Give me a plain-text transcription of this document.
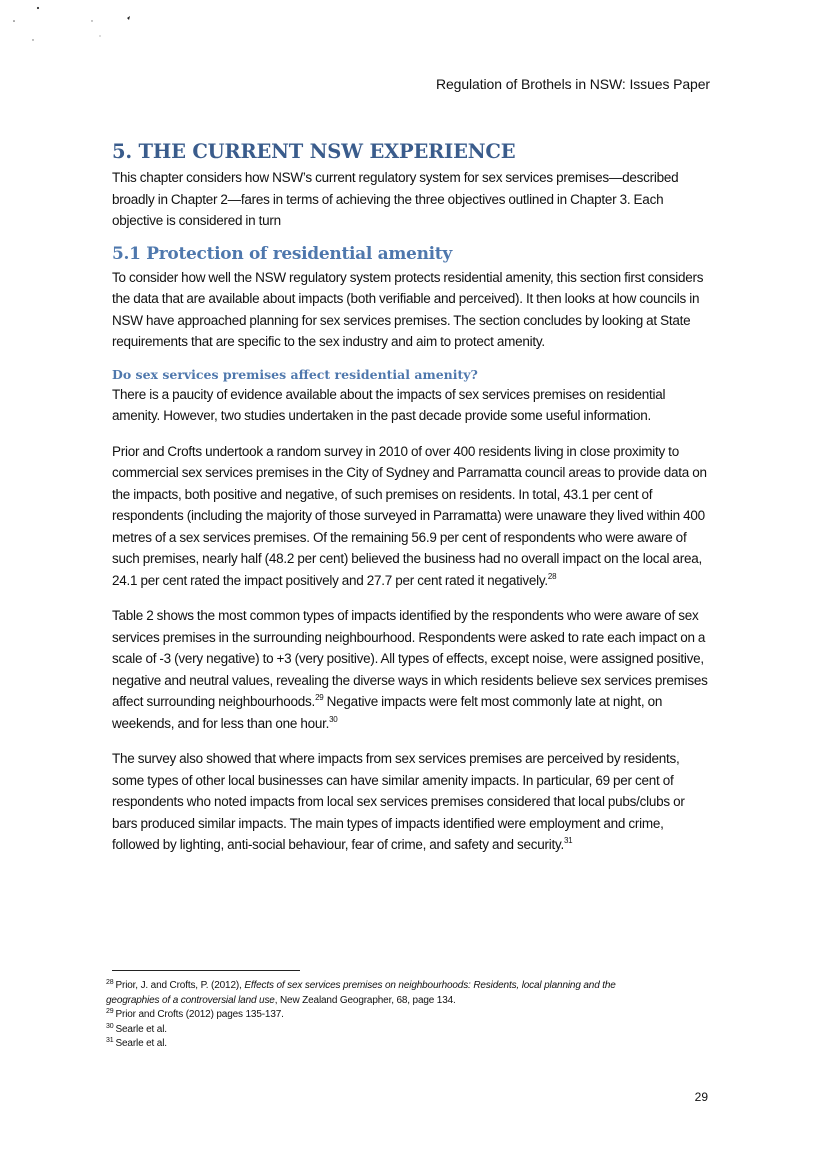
Regulation of Brothels in NSW: Issues Paper
5. THE CURRENT NSW EXPERIENCE

This chapter considers how NSW’s current regulatory system for sex services premises—described broadly in Chapter 2—fares in terms of achieving the three objectives outlined in Chapter 3. Each objective is considered in turn

5.1 Protection of residential amenity

To consider how well the NSW regulatory system protects residential amenity, this section first considers the data that are available about impacts (both verifiable and perceived). It then looks at how councils in NSW have approached planning for sex services premises. The section concludes by looking at State requirements that are specific to the sex industry and aim to protect amenity.

Do sex services premises affect residential amenity?

There is a paucity of evidence available about the impacts of sex services premises on residential amenity. However, two studies undertaken in the past decade provide some useful information.

Prior and Crofts undertook a random survey in 2010 of over 400 residents living in close proximity to commercial sex services premises in the City of Sydney and Parramatta council areas to provide data on the impacts, both positive and negative, of such premises on residents. In total, 43.1 per cent of respondents (including the majority of those surveyed in Parramatta) were unaware they lived within 400 metres of a sex services premises. Of the remaining 56.9 per cent of respondents who were aware of such premises, nearly half (48.2 per cent) believed the business had no overall impact on the local area, 24.1 per cent rated the impact positively and 27.7 per cent rated it negatively.$^{28}$

Table 2 shows the most common types of impacts identified by the respondents who were aware of sex services premises in the surrounding neighbourhood. Respondents were asked to rate each impact on a scale of -3 (very negative) to +3 (very positive). All types of effects, except noise, were assigned positive, negative and neutral values, revealing the diverse ways in which residents believe sex services premises affect surrounding neighbourhoods.$^{29}$ Negative impacts were felt most commonly late at night, on weekends, and for less than one hour.$^{30}$

The survey also showed that where impacts from sex services premises are perceived by residents, some types of other local businesses can have similar amenity impacts. In particular, 69 per cent of respondents who noted impacts from local sex services premises considered that local pubs/clubs or bars produced similar impacts. The main types of impacts identified were employment and crime, followed by lighting, anti-social behaviour, fear of crime, and safety and security.$^{31}$

$^{28}$ Prior, J. and Crofts, P. (2012), Effects of sex services premises on neighbourhoods: Residents, local planning and the

geographies of a controversial land use, New Zealand Geographer, 68, page 134.

$^{29}$ Prior and Crofts (2012) pages 135-137.

$^{30}$ Searle et al.

$^{31}$ Searle et al.

29
